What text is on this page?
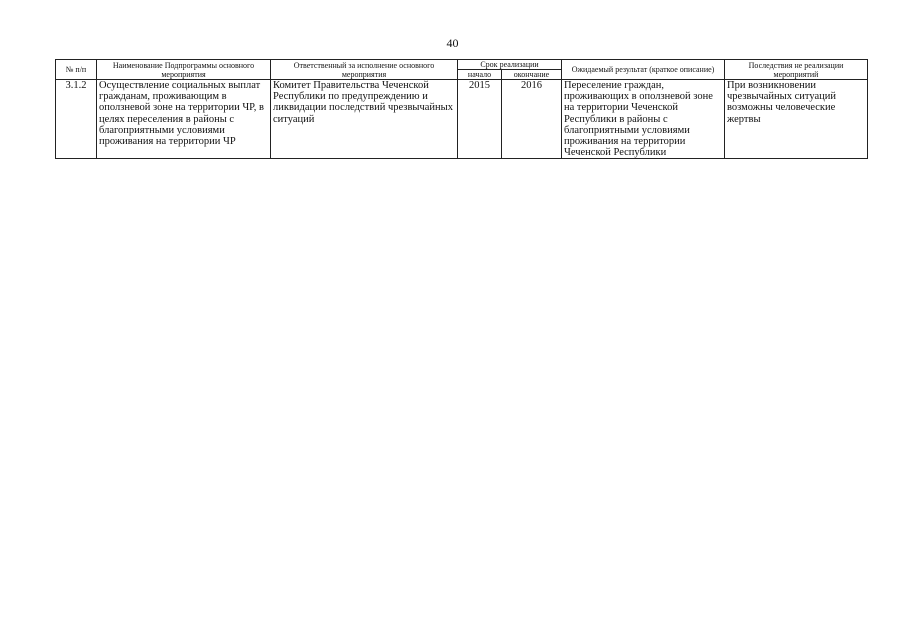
40
№ п/п	Наименование Подпрограммы основного мероприятия	Ответственный за исполнение основного мероприятия	Срок реализации		Ожидаемый результат (краткое описание)	Последствия не реализации мероприятий
			начало	окончание		
3.1.2	Осуществление социальных выплат гражданам, проживающим в оползневой зоне на территории ЧР, в целях переселения в районы с благоприятными условиями проживания на территории ЧР	Комитет Правительства Чеченской Республики по предупреждению и ликвидации последствий чрезвычайных ситуаций	2015	2016	Переселение граждан, проживающих в оползневой зоне на территории Чеченской Республики в районы с благоприятными условиями проживания на территории Чеченской Республики	При возникновении чрезвычайных ситуаций возможны человеческие жертвы
